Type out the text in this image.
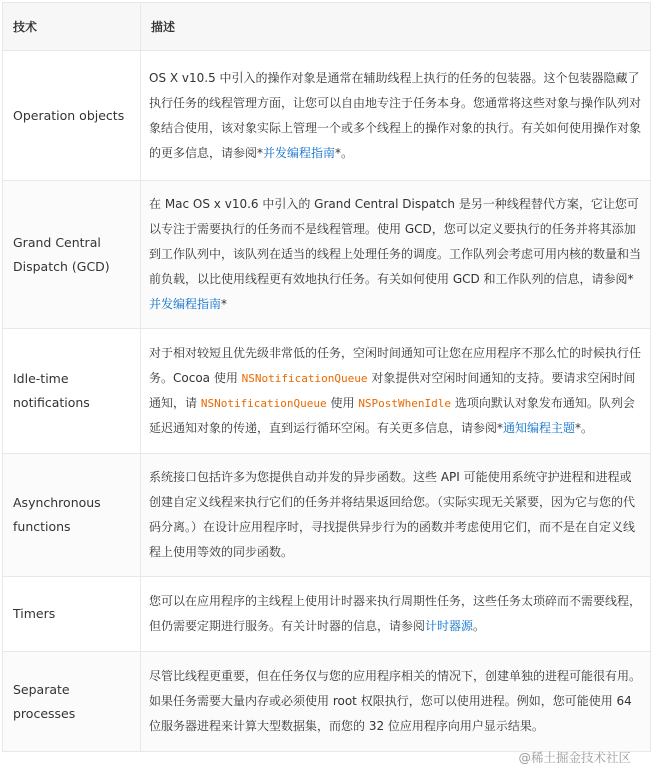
技术	描述
Operation objects	OS X v10.5 中引入的操作对象是通常在辅助线程上执行的任务的包装器。这个包装器隐藏了执行任务的线程管理方面，让您可以自由地专注于任务本身。您通常将这些对象与操作队列对象结合使用，该对象实际上管理一个或多个线程上的操作对象的执行。有关如何使用操作对象的更多信息，请参阅*并发编程指南*。
Grand Central Dispatch (GCD)	在 Mac OS x v10.6 中引入的 Grand Central Dispatch 是另一种线程替代方案，它让您可以专注于需要执行的任务而不是线程管理。使用 GCD，您可以定义要执行的任务并将其添加到工作队列中，该队列在适当的线程上处理任务的调度。工作队列会考虑可用内核的数量和当前负载，以比使用线程更有效地执行任务。有关如何使用 GCD 和工作队列的信息，请参阅*并发编程指南*
Idle-time notifications	对于相对较短且优先级非常低的任务，空闲时间通知可让您在应用程序不那么忙的时候执行任务。Cocoa 使用 NSNotificationQueue 对象提供对空闲时间通知的支持。要请求空闲时间通知，请 NSNotificationQueue 使用 NSPostWhenIdle 选项向默认对象发布通知。队列会延迟通知对象的传递，直到运行循环空闲。有关更多信息，请参阅*通知编程主题*。
Asynchronous functions	系统接口包括许多为您提供自动并发的异步函数。这些 API 可能使用系统守护进程和进程或创建自定义线程来执行它们的任务并将结果返回给您。（实际实现无关紧要，因为它与您的代码分离。）在设计应用程序时，寻找提供异步行为的函数并考虑使用它们，而不是在自定义线程上使用等效的同步函数。
Timers	您可以在应用程序的主线程上使用计时器来执行周期性任务，这些任务太琐碎而不需要线程，但仍需要定期进行服务。有关计时器的信息，请参阅计时器源。
Separate processes	尽管比线程更重要，但在任务仅与您的应用程序相关的情况下，创建单独的进程可能很有用。如果任务需要大量内存或必须使用 root 权限执行，您可以使用进程。例如，您可能使用 64 位服务器进程来计算大型数据集，而您的 32 位应用程序向用户显示结果。
@稀土掘金技术社区
